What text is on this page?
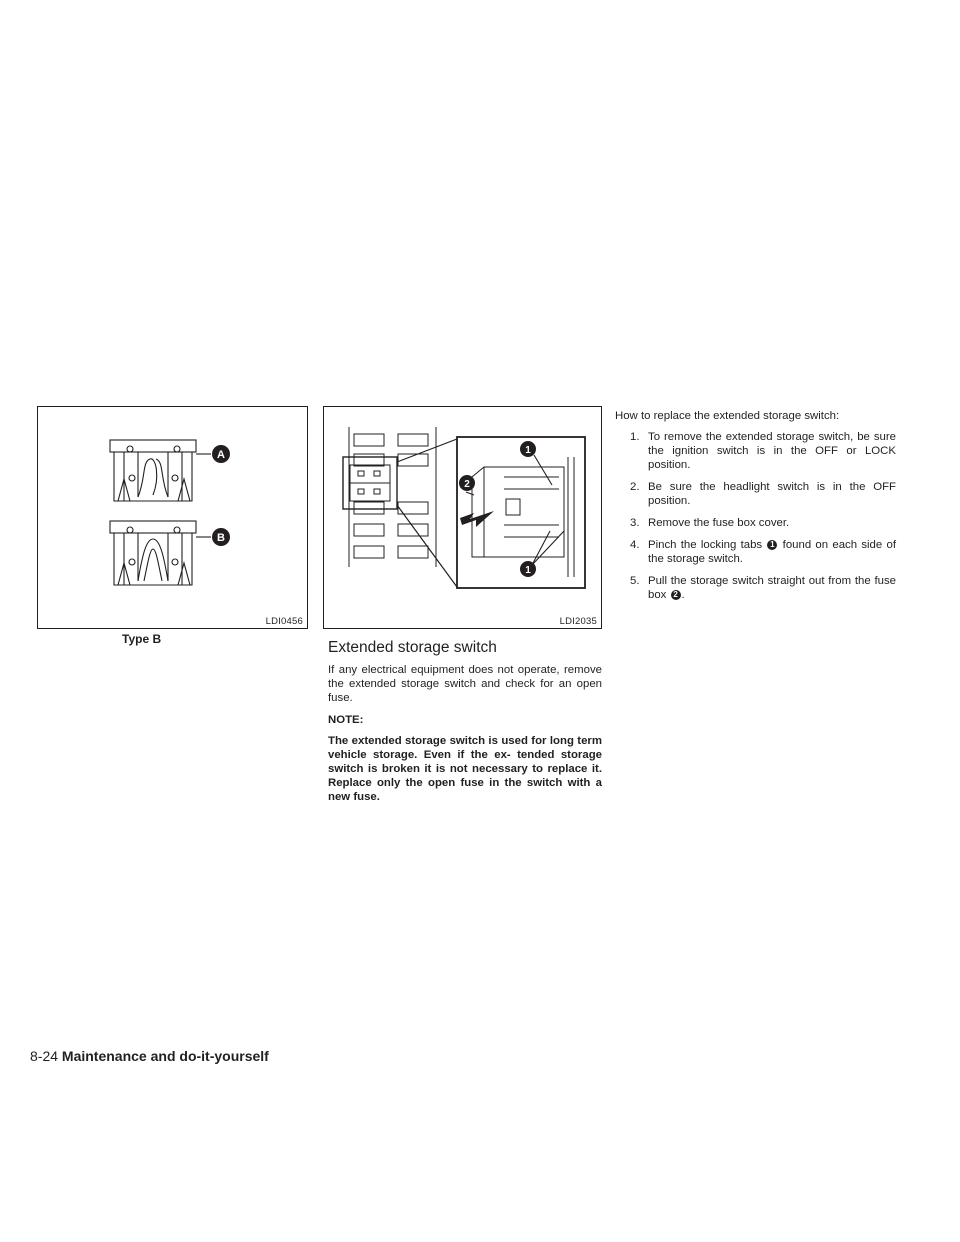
A
B
LDI0456
Type B
1
1
2
LDI2035
Extended storage switch

If any electrical equipment does not operate, remove the extended storage switch and check for an open fuse.

NOTE:

The extended storage switch is used for long term vehicle storage. Even if the ex- tended storage switch is broken it is not necessary to replace it. Replace only the open fuse in the switch with a new fuse.

How to replace the extended storage switch:
1. To remove the extended storage switch, be sure the ignition switch is in the OFF or LOCK position.
2. Be sure the headlight switch is in the OFF position.
3. Remove the fuse box cover.
4. Pinch the locking tabs 1 found on each side of the storage switch.
5. Pull the storage switch straight out from the fuse box 2 .
8-24 Maintenance and do-it-yourself
